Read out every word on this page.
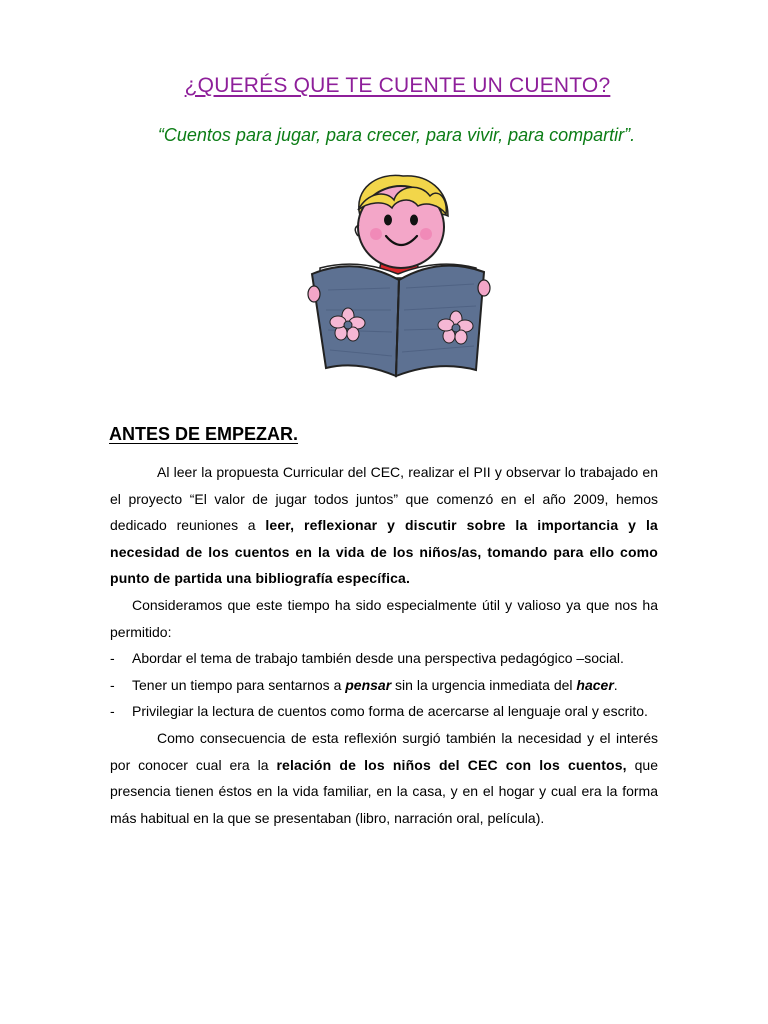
¿QUERÉS QUE TE CUENTE UN CUENTO?
“Cuentos para jugar, para crecer, para vivir, para compartir”.
ANTES DE EMPEZAR.

Al leer la propuesta Curricular del CEC, realizar el PII y observar lo trabajado en el proyecto “El valor de jugar todos juntos” que comenzó en el año 2009, hemos dedicado reuniones a leer, reflexionar y discutir sobre la importancia y la necesidad de los cuentos en la vida de los niños/as, tomando para ello como punto de partida una bibliografía específica.

Consideramos que este tiempo ha sido especialmente útil y valioso ya que nos ha permitido:

- Abordar el tema de trabajo también desde una perspectiva pedagógico –social.
- Tener un tiempo para sentarnos a pensar sin la urgencia inmediata del hacer.
- Privilegiar la lectura de cuentos como forma de acercarse al lenguaje oral y escrito.

Como consecuencia de esta reflexión surgió también la necesidad y el interés por conocer cual era la relación de los niños del CEC con los cuentos, que presencia tienen éstos en la vida familiar, en la casa, y en el hogar y cual era la forma más habitual en la que se presentaban (libro, narración oral, película).
